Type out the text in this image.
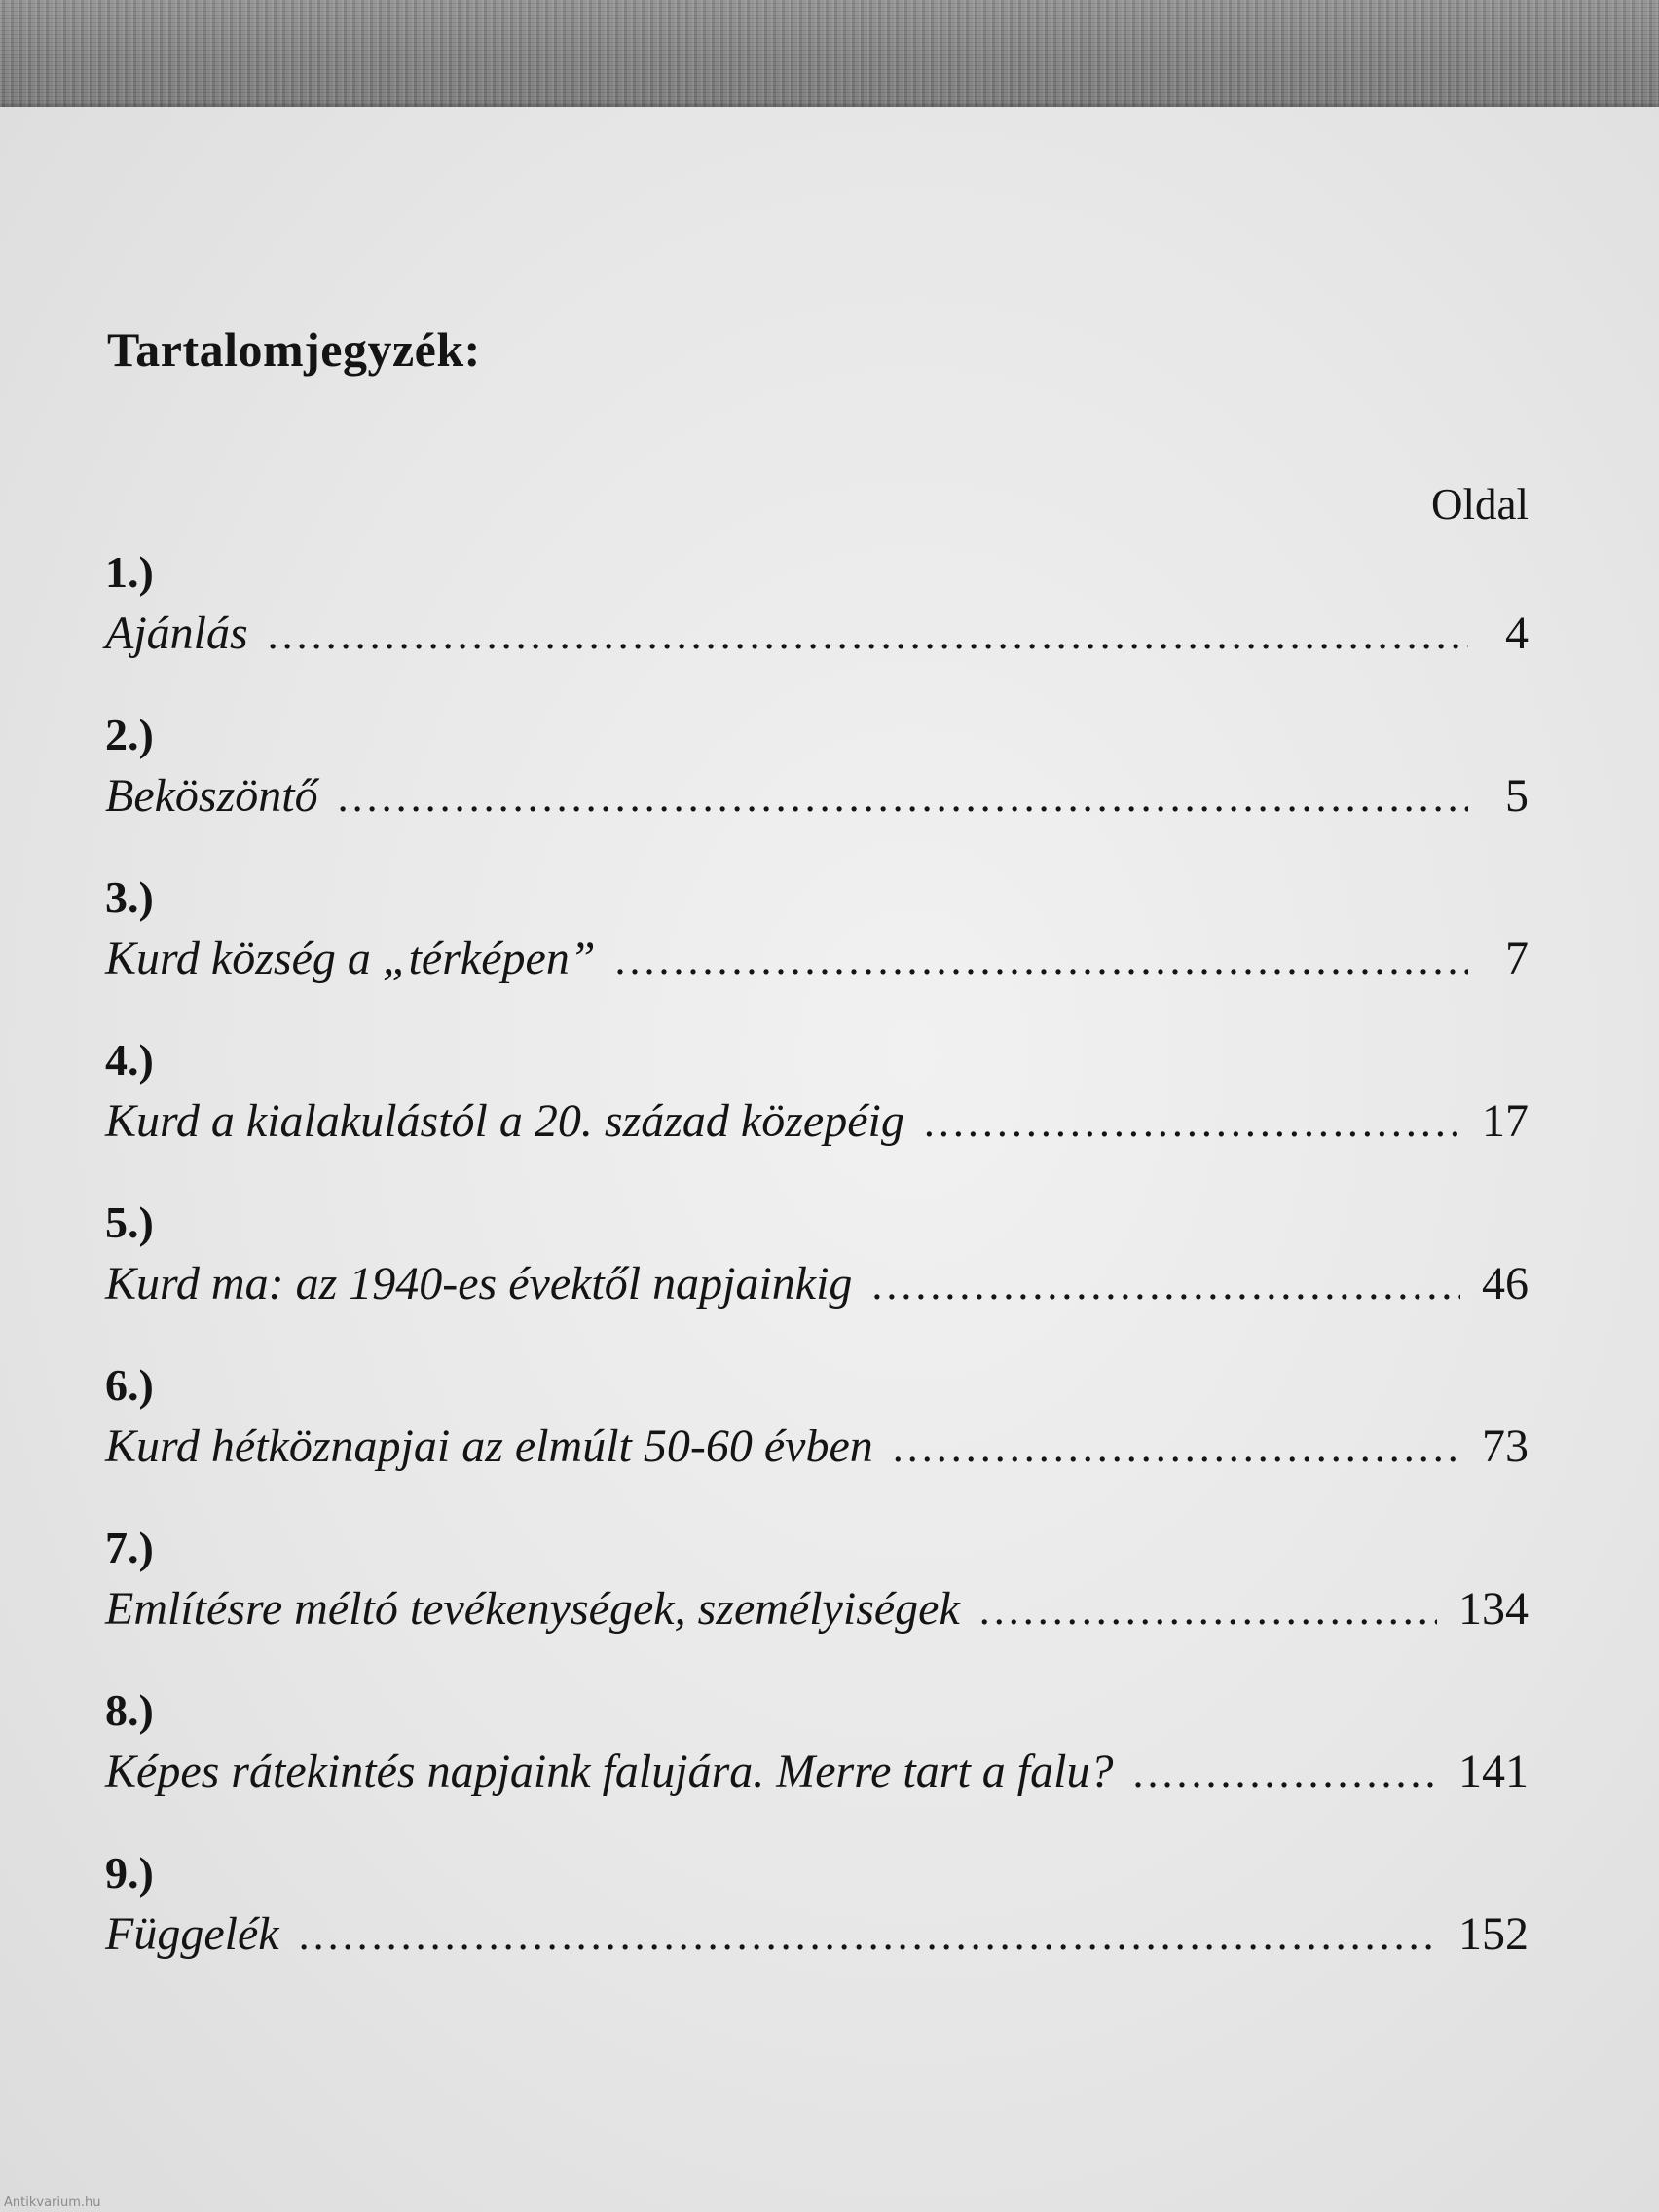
Tartalomjegyzék:
Oldal
1.)
Ajánlás .....	4
2.)
Beköszöntő .....	5
3.)
Kurd község a „térképen” .....	7
4.)
Kurd a kialakulástól a 20. század közepéig .....	17
5.)
Kurd ma: az 1940-es évektől napjainkig .....	46
6.)
Kurd hétköznapjai az elmúlt 50-60 évben .....	73
7.)
Említésre méltó tevékenységek, személyiségek .....	134
8.)
Képes rátekintés napjaink falujára. Merre tart a falu? .....	141
9.)
Függelék .....	152
Antikvarium.hu
